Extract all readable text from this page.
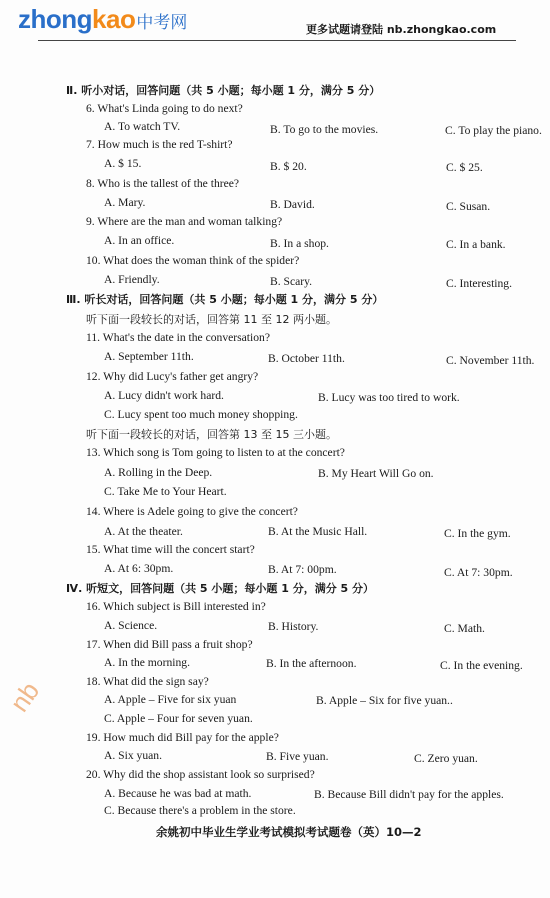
zhongkao中考网	更多试题请登陆 nb.zhongkao.com
nb
Ⅱ. 听小对话，回答问题（共 5 小题；每小题 1 分，满分 5 分）
6. What's Linda going to do next?
A. To watch TV.	B. To go to the movies.	C. To play the piano.
7. How much is the red T-shirt?
A. $ 15.	B. $ 20.	C. $ 25.
8. Who is the tallest of the three?
A. Mary.	B. David.	C. Susan.
9. Where are the man and woman talking?
A. In an office.	B. In a shop.	C. In a bank.
10. What does the woman think of the spider?
A. Friendly.	B. Scary.	C. Interesting.
Ⅲ. 听长对话，回答问题（共 5 小题；每小题 1 分，满分 5 分）
听下面一段较长的对话，回答第 11 至 12 两小题。
11. What's the date in the conversation?
A. September 11th.	B. October 11th.	C. November 11th.
12. Why did Lucy's father get angry?
A. Lucy didn't work hard.	B. Lucy was too tired to work.
C. Lucy spent too much money shopping.
听下面一段较长的对话，回答第 13 至 15 三小题。
13. Which song is Tom going to listen to at the concert?
A. Rolling in the Deep.	B. My Heart Will Go on.
C. Take Me to Your Heart.
14. Where is Adele going to give the concert?
A. At the theater.	B. At the Music Hall.	C. In the gym.
15. What time will the concert start?
A. At 6: 30pm.	B. At 7: 00pm.	C. At 7: 30pm.
Ⅳ. 听短文，回答问题（共 5 小题；每小题 1 分，满分 5 分）
16. Which subject is Bill interested in?
A. Science.	B. History.	C. Math.
17. When did Bill pass a fruit shop?
A. In the morning.	B. In the afternoon.	C. In the evening.
18. What did the sign say?
A. Apple – Five for six yuan	B. Apple – Six for five yuan..
C. Apple – Four for seven yuan.
19. How much did Bill pay for the apple?
A. Six yuan.	B. Five yuan.	C. Zero yuan.
20. Why did the shop assistant look so surprised?
A. Because he was bad at math.	B. Because Bill didn't pay for the apples.
C. Because there's a problem in the store.
余姚初中毕业生学业考试模拟考试题卷（英）10—2
